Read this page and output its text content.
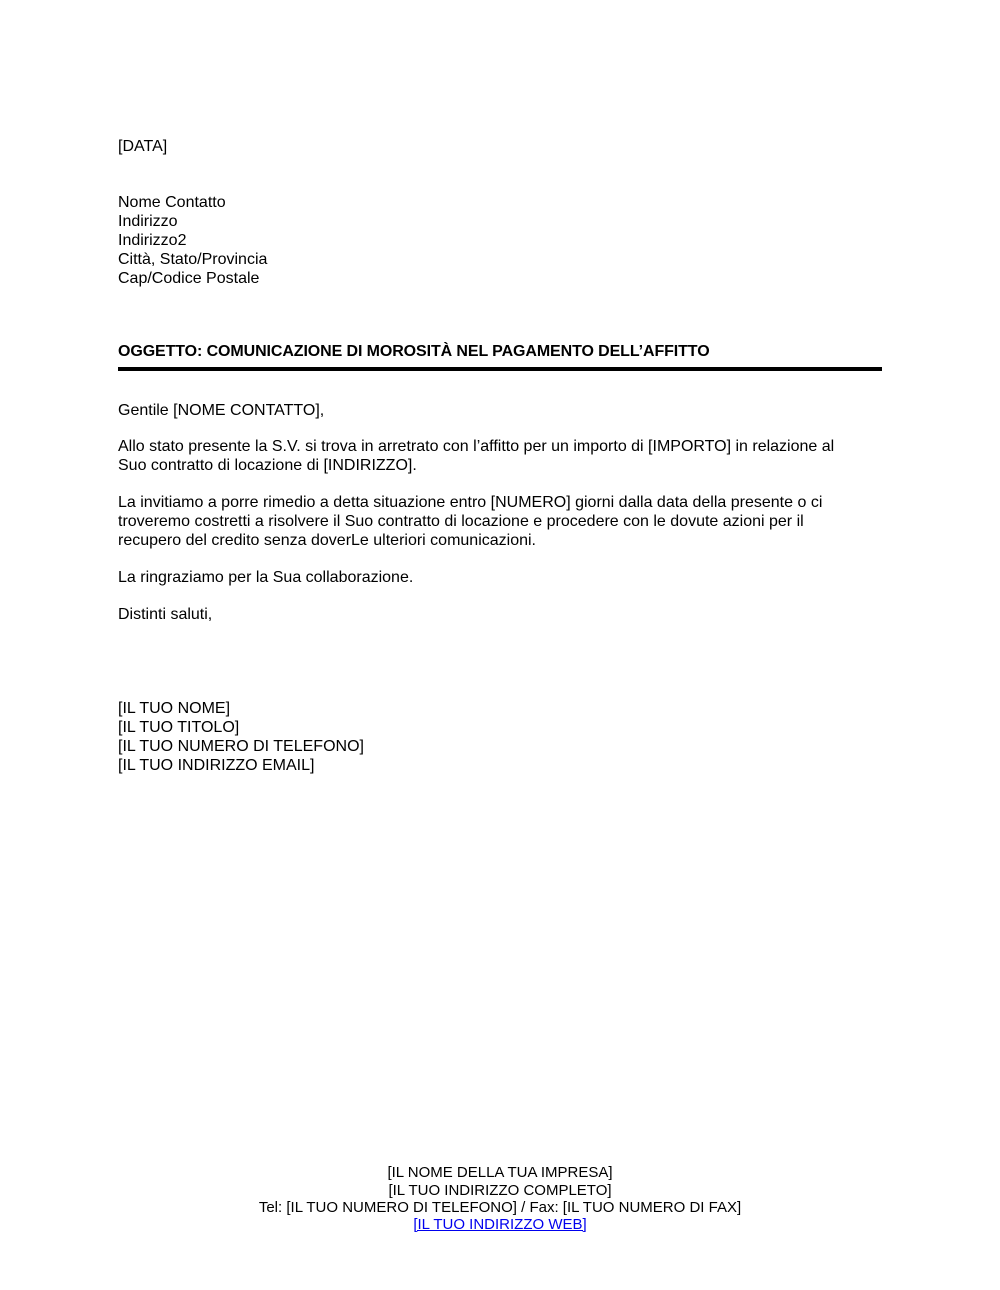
[DATA]
Nome Contatto
Indirizzo
Indirizzo2
Città, Stato/Provincia
Cap/Codice Postale
OGGETTO: COMUNICAZIONE DI MOROSITÀ NEL PAGAMENTO DELL’AFFITTO
Gentile [NOME CONTATTO],
Allo stato presente la S.V. si trova in arretrato con l’affitto per un importo di [IMPORTO] in relazione al
Suo contratto di locazione di [INDIRIZZO].
La invitiamo a porre rimedio a detta situazione entro [NUMERO] giorni dalla data della presente o ci
troveremo costretti a risolvere il Suo contratto di locazione e procedere con le dovute azioni per il
recupero del credito senza doverLe ulteriori comunicazioni.
La ringraziamo per la Sua collaborazione.
Distinti saluti,
[IL TUO NOME]
[IL TUO TITOLO]
[IL TUO NUMERO DI TELEFONO]
[IL TUO INDIRIZZO EMAIL]
[IL NOME DELLA TUA IMPRESA]
[IL TUO INDIRIZZO COMPLETO]
Tel: [IL TUO NUMERO DI TELEFONO] / Fax: [IL TUO NUMERO DI FAX]
[IL TUO INDIRIZZO WEB]
